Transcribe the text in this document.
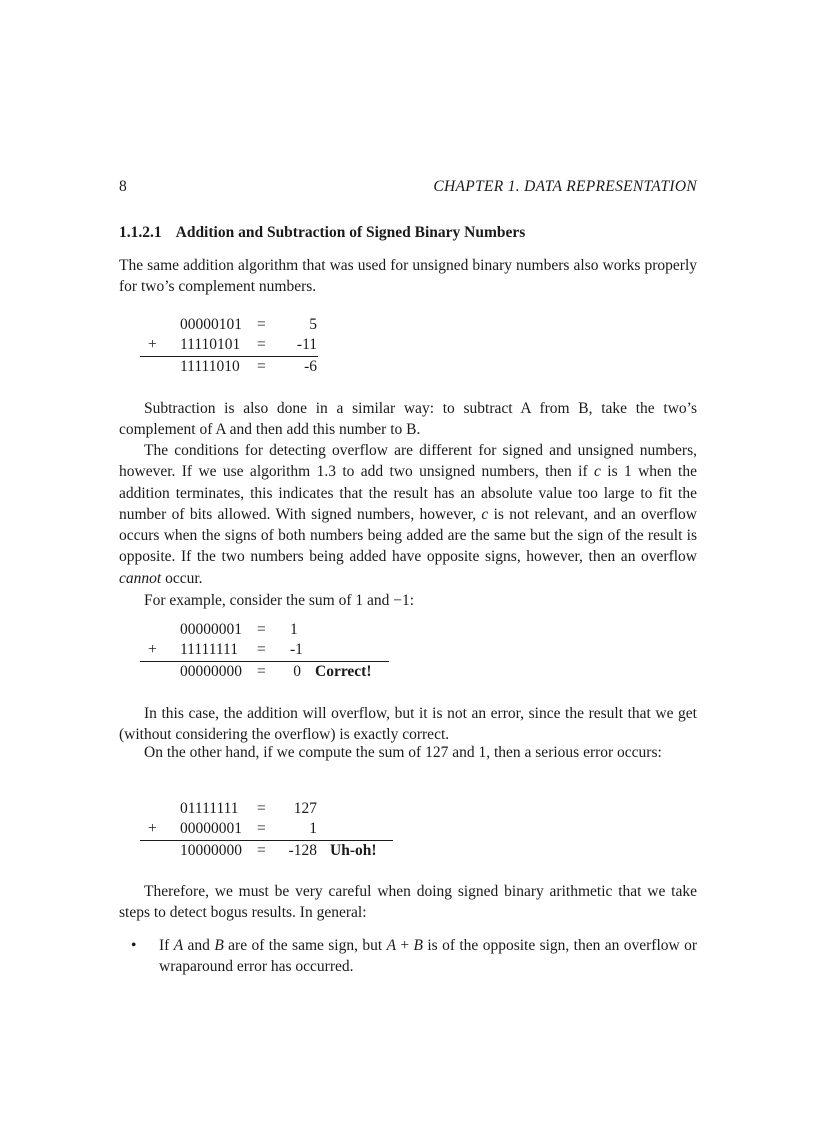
8	CHAPTER 1. DATA REPRESENTATION
1.1.2.1 Addition and Subtraction of Signed Binary Numbers
The same addition algorithm that was used for unsigned binary numbers also works properly for two’s complement numbers.
00000101 =	5
+ 11110101 =	-11
11111010 =	-6
Subtraction is also done in a similar way: to subtract A from B, take the two’s complement of A and then add this number to B.
The conditions for detecting overflow are different for signed and unsigned numbers, however. If we use algorithm 1.3 to add two unsigned numbers, then if c is 1 when the addition terminates, this indicates that the result has an absolute value too large to fit the number of bits allowed. With signed numbers, however, c is not relevant, and an overflow occurs when the signs of both numbers being added are the same but the sign of the result is opposite. If the two numbers being added have opposite signs, however, then an overflow cannot occur.
For example, consider the sum of 1 and −1:
00000001 = 1
+ 11111111 = -1
00000000 = 0 Correct!
In this case, the addition will overflow, but it is not an error, since the result that we get (without considering the overflow) is exactly correct.
On the other hand, if we compute the sum of 127 and 1, then a serious error occurs:
01111111 = 127
+ 00000001 =	1
10000000 = -128 Uh-oh!
Therefore, we must be very careful when doing signed binary arithmetic that we take steps to detect bogus results. In general:
• If A and B are of the same sign, but A + B is of the opposite sign, then an overflow or wraparound error has occurred.
